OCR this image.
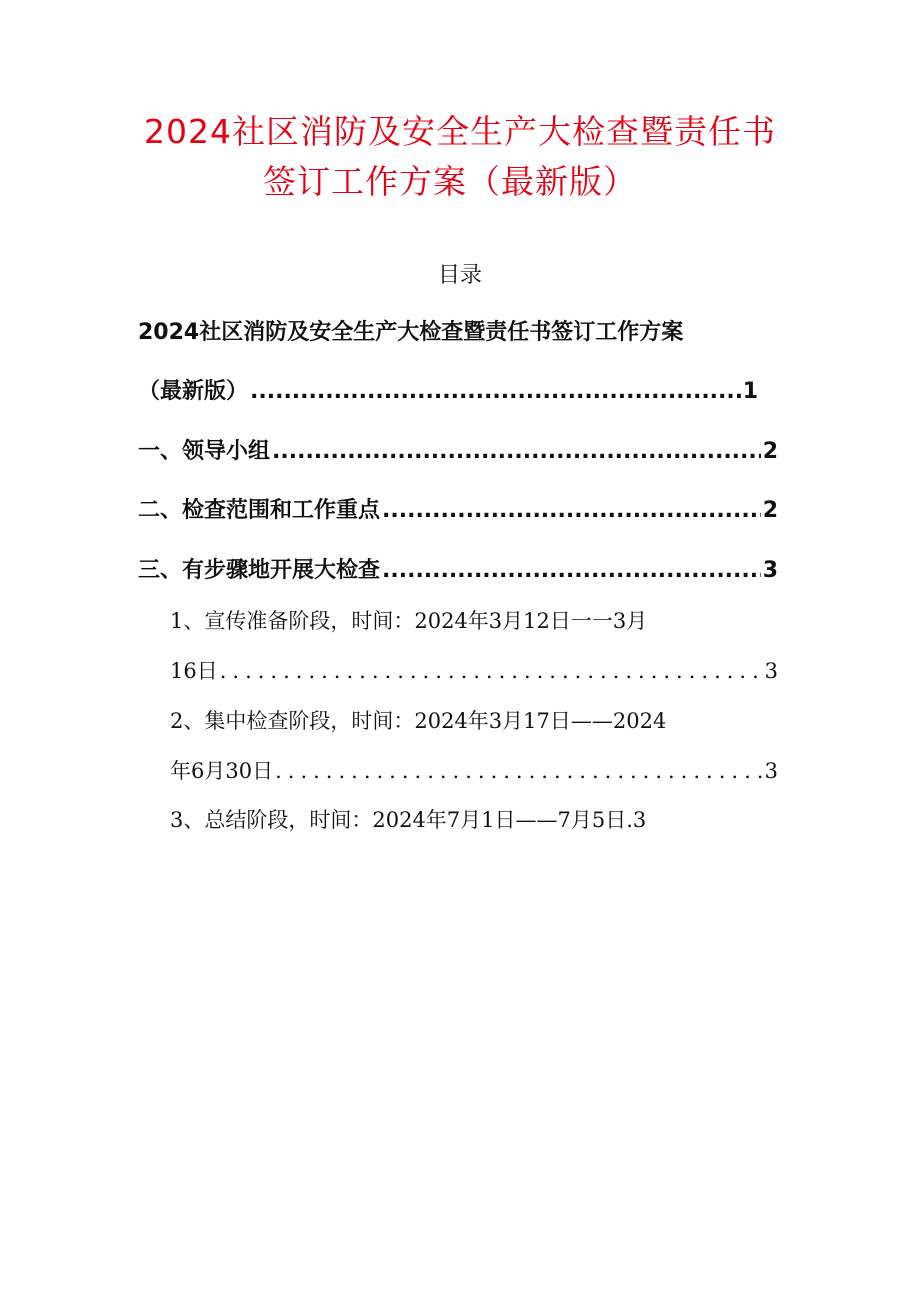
2024社区消防及安全生产大检查暨责任书
签订工作方案（最新版）
目录
2024社区消防及安全生产大检查暨责任书签订工作方案
（最新版） .....	1
一、领导小组 .....	2
二、检查范围和工作重点 .....	2
三、有步骤地开展大检查 .....	3
1、宣传准备阶段，时间：2024年3月12日一一3月
16日 .....	3
2、集中检查阶段，时间：2024年3月17日——2024
年6月30日 .....	3
3、总结阶段，时间：2024年7月1日——7月5日.3
